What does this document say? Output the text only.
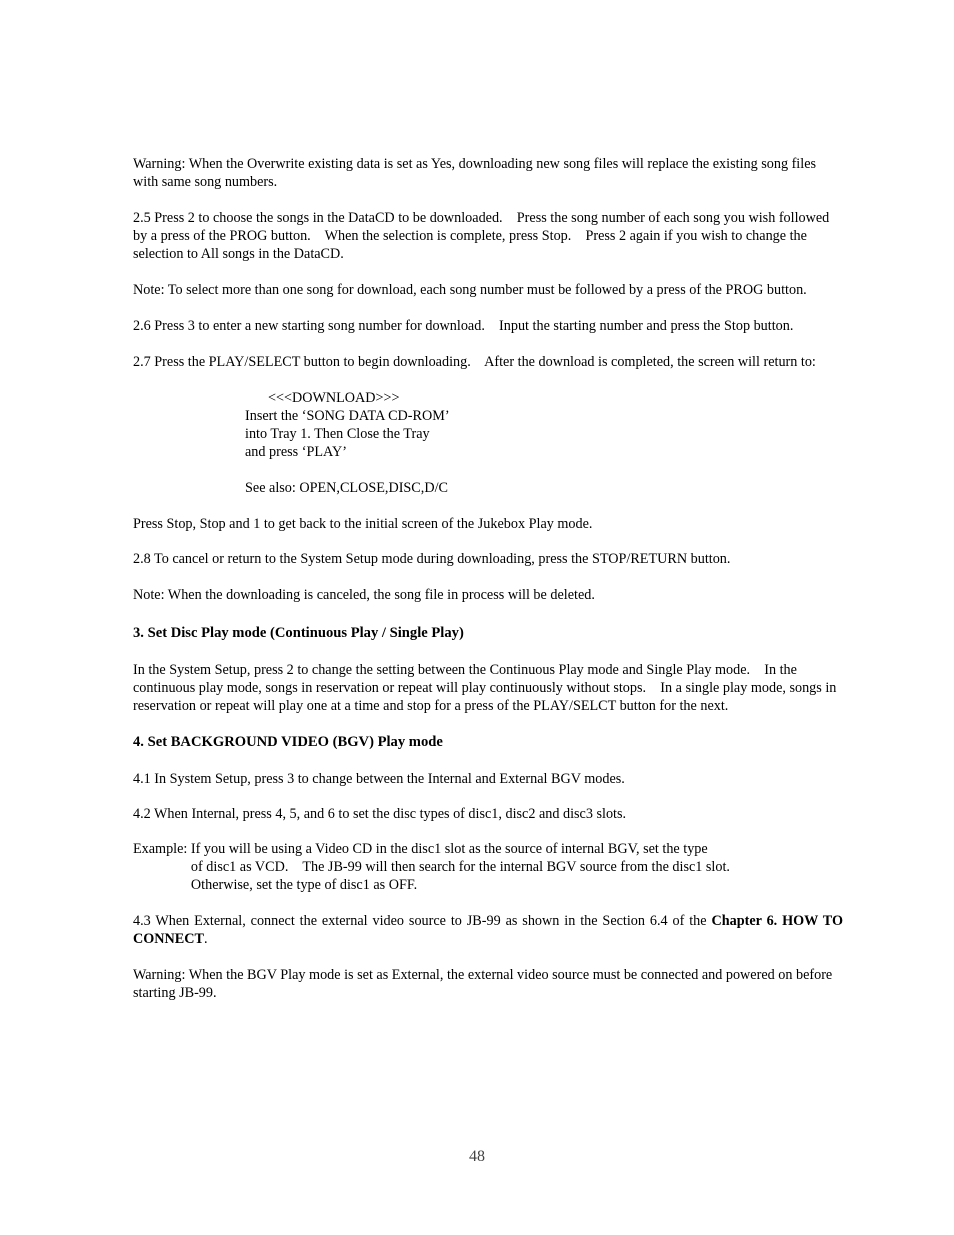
Warning: When the Overwrite existing data is set as Yes, downloading new song files will replace the existing song files with same song numbers.

2.5 Press 2 to choose the songs in the DataCD to be downloaded.    Press the song number of each song you wish followed by a press of the PROG button.    When the selection is complete, press Stop.    Press 2 again if you wish to change the selection to All songs in the DataCD.

Note: To select more than one song for download, each song number must be followed by a press of the PROG button.

2.6 Press 3 to enter a new starting song number for download.    Input the starting number and press the Stop button.

2.7 Press the PLAY/SELECT button to begin downloading.    After the download is completed, the screen will return to:

<<<DOWNLOAD>>>

Insert the ‘SONG DATA CD-ROM’

into Tray 1. Then Close the Tray

and press ‘PLAY’

See also: OPEN,CLOSE,DISC,D/C

Press Stop, Stop and 1 to get back to the initial screen of the Jukebox Play mode.

2.8 To cancel or return to the System Setup mode during downloading, press the STOP/RETURN button.

Note: When the downloading is canceled, the song file in process will be deleted.

3. Set Disc Play mode (Continuous Play / Single Play)

In the System Setup, press 2 to change the setting between the Continuous Play mode and Single Play mode.    In the continuous play mode, songs in reservation or repeat will play continuously without stops.    In a single play mode, songs in reservation or repeat will play one at a time and stop for a press of the PLAY/SELCT button for the next.

4. Set BACKGROUND VIDEO (BGV) Play mode

4.1 In System Setup, press 3 to change between the Internal and External BGV modes.

4.2 When Internal, press 4, 5, and 6 to set the disc types of disc1, disc2 and disc3 slots.

Example: If you will be using a Video CD in the disc1 slot as the source of internal BGV, set the type

of disc1 as VCD.    The JB-99 will then search for the internal BGV source from the disc1 slot.

Otherwise, set the type of disc1 as OFF.

4.3 When External, connect the external video source to JB-99 as shown in the Section 6.4 of the Chapter 6. HOW TO CONNECT.

Warning: When the BGV Play mode is set as External, the external video source must be connected and powered on before starting JB-99.

48
